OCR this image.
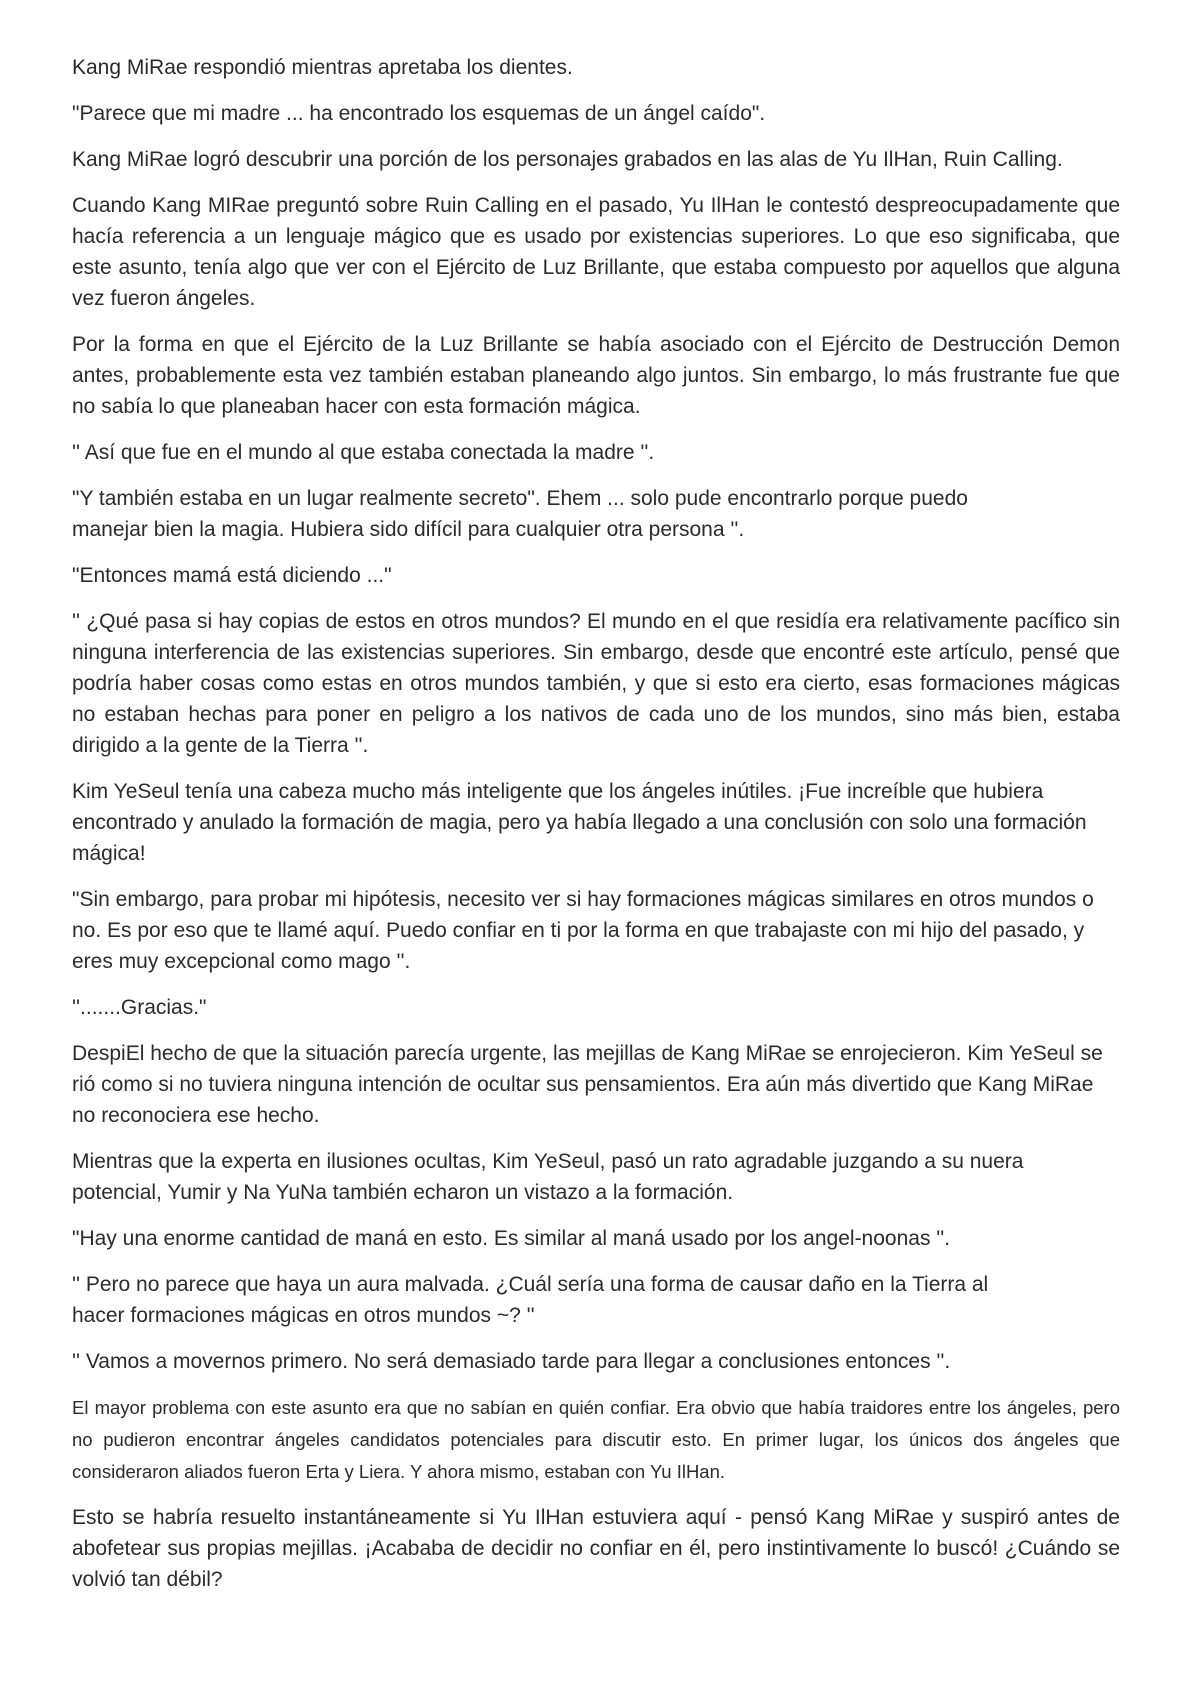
Kang MiRae respondió mientras apretaba los dientes.

"Parece que mi madre ... ha encontrado los esquemas de un ángel caído".

Kang MiRae logró descubrir una porción de los personajes grabados en las alas de Yu IlHan, Ruin Calling.

Cuando Kang MIRae preguntó sobre Ruin Calling en el pasado, Yu IlHan le contestó despreocupadamente que hacía referencia a un lenguaje mágico que es usado por existencias superiores. Lo que eso significaba, que este asunto, tenía algo que ver con el Ejército de Luz Brillante, que estaba compuesto por aquellos que alguna vez fueron ángeles.

Por la forma en que el Ejército de la Luz Brillante se había asociado con el Ejército de Destrucción Demon antes, probablemente esta vez también estaban planeando algo juntos. Sin embargo, lo más frustrante fue que no sabía lo que planeaban hacer con esta formación mágica.

'' Así que fue en el mundo al que estaba conectada la madre ''.

"Y también estaba en un lugar realmente secreto". Ehem ... solo pude encontrarlo porque puedo manejar bien la magia. Hubiera sido difícil para cualquier otra persona ''.

"Entonces mamá está diciendo ..."

'' ¿Qué pasa si hay copias de estos en otros mundos? El mundo en el que residía era relativamente pacífico sin ninguna interferencia de las existencias superiores. Sin embargo, desde que encontré este artículo, pensé que podría haber cosas como estas en otros mundos también, y que si esto era cierto, esas formaciones mágicas no estaban hechas para poner en peligro a los nativos de cada uno de los mundos, sino más bien, estaba dirigido a la gente de la Tierra ''.

Kim YeSeul tenía una cabeza mucho más inteligente que los ángeles inútiles. ¡Fue increíble que hubiera encontrado y anulado la formación de magia, pero ya había llegado a una conclusión con solo una formación mágica!

"Sin embargo, para probar mi hipótesis, necesito ver si hay formaciones mágicas similares en otros mundos o no. Es por eso que te llamé aquí. Puedo confiar en ti por la forma en que trabajaste con mi hijo del pasado, y eres muy excepcional como mago ''.

''.......Gracias."

DespiEl hecho de que la situación parecía urgente, las mejillas de Kang MiRae se enrojecieron. Kim YeSeul se rió como si no tuviera ninguna intención de ocultar sus pensamientos. Era aún más divertido que Kang MiRae no reconociera ese hecho.

Mientras que la experta en ilusiones ocultas, Kim YeSeul, pasó un rato agradable juzgando a su nuera potencial, Yumir y Na YuNa también echaron un vistazo a la formación.

"Hay una enorme cantidad de maná en esto. Es similar al maná usado por los angel-noonas ''.

'' Pero no parece que haya un aura malvada. ¿Cuál sería una forma de causar daño en la Tierra al hacer formaciones mágicas en otros mundos ~? ''

'' Vamos a movernos primero. No será demasiado tarde para llegar a conclusiones entonces ''.

El mayor problema con este asunto era que no sabían en quién confiar. Era obvio que había traidores entre los ángeles, pero no pudieron encontrar ángeles candidatos potenciales para discutir esto. En primer lugar, los únicos dos ángeles que consideraron aliados fueron Erta y Liera. Y ahora mismo, estaban con Yu IlHan.

Esto se habría resuelto instantáneamente si Yu IlHan estuviera aquí - pensó Kang MiRae y suspiró antes de abofetear sus propias mejillas. ¡Acababa de decidir no confiar en él, pero instintivamente lo buscó! ¿Cuándo se volvió tan débil?
